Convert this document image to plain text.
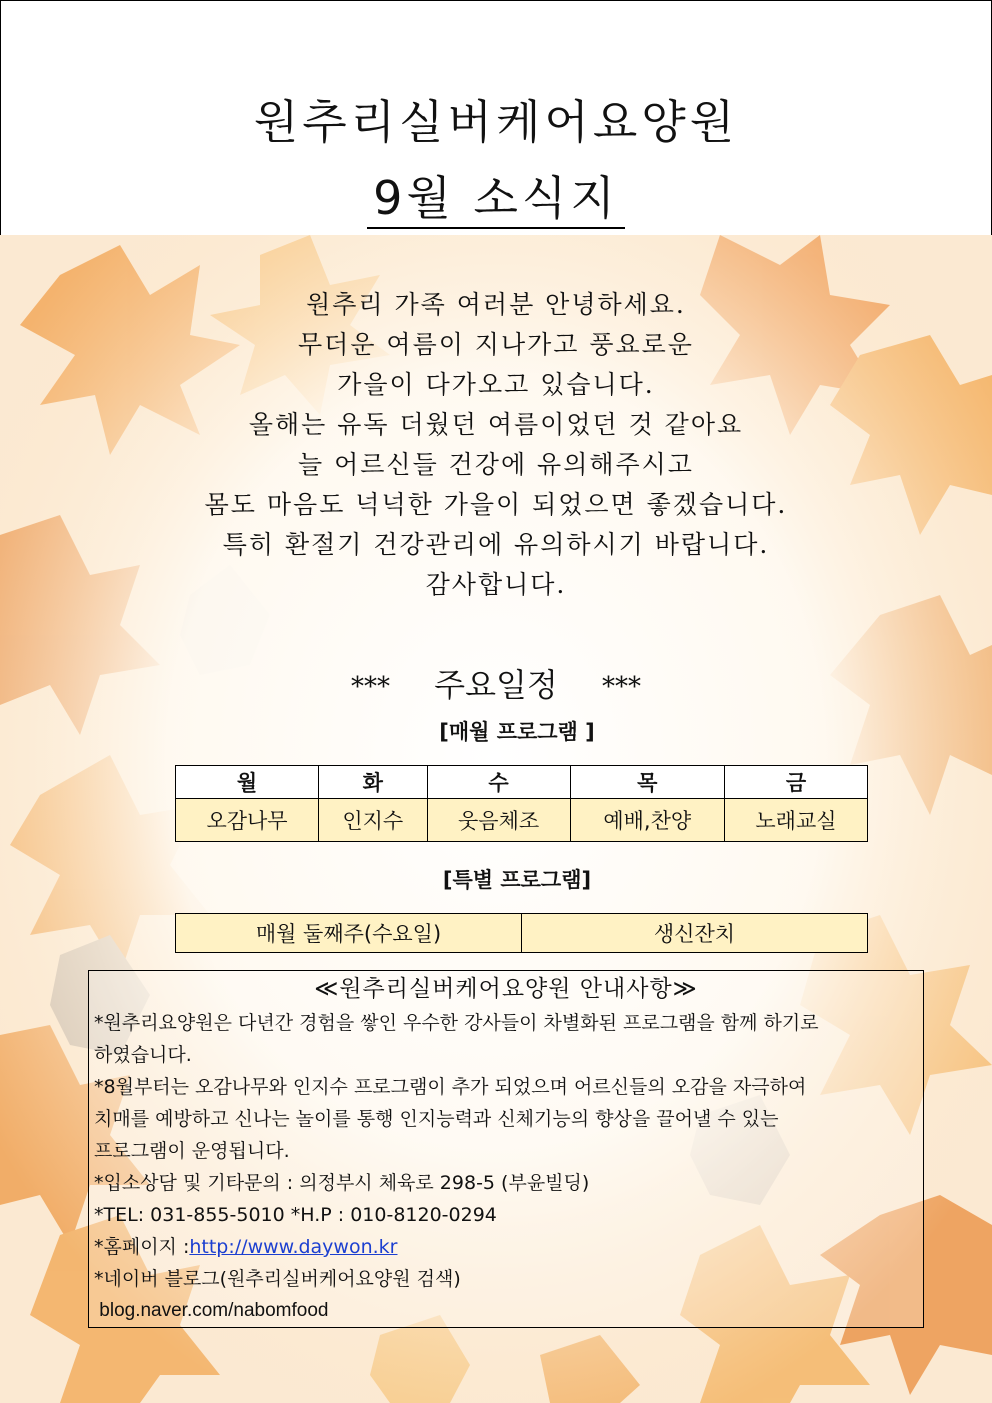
원추리실버케어요양원
9월 소식지
원추리 가족 여러분 안녕하세요.
무더운 여름이 지나가고 풍요로운
가을이 다가오고 있습니다.
올해는 유독 더웠던 여름이었던 것 같아요
늘 어르신들 건강에 유의해주시고
몸도 마음도 넉넉한 가을이 되었으면 좋겠습니다.
특히 환절기 건강관리에 유의하시기 바랍니다.
감사합니다.
*** 주요일정 ***
[매월 프로그램 ]
월	화	수	목	금
오감나무	인지수	웃음체조	예배,찬양	노래교실
[특별 프로그램]
매월 둘째주(수요일)	생신잔치
≪원추리실버케어요양원 안내사항≫
*원추리요양원은 다년간 경험을 쌓인 우수한 강사들이 차별화된 프로그램을 함께 하기로
하였습니다.
*8월부터는 오감나무와 인지수 프로그램이 추가 되었으며 어르신들의 오감을 자극하여
치매를 예방하고 신나는 놀이를 통행 인지능력과 신체기능의 향상을 끌어낼 수 있는
프로그램이 운영됩니다.
*입소상담 및 기타문의 : 의정부시 체육로 298-5 (부윤빌딩)
*TEL: 031-855-5010 *H.P : 010-8120-0294
*홈페이지 :http://www.daywon.kr
*네이버 블로그(원추리실버케어요양원 검색)
blog.naver.com/nabomfood
